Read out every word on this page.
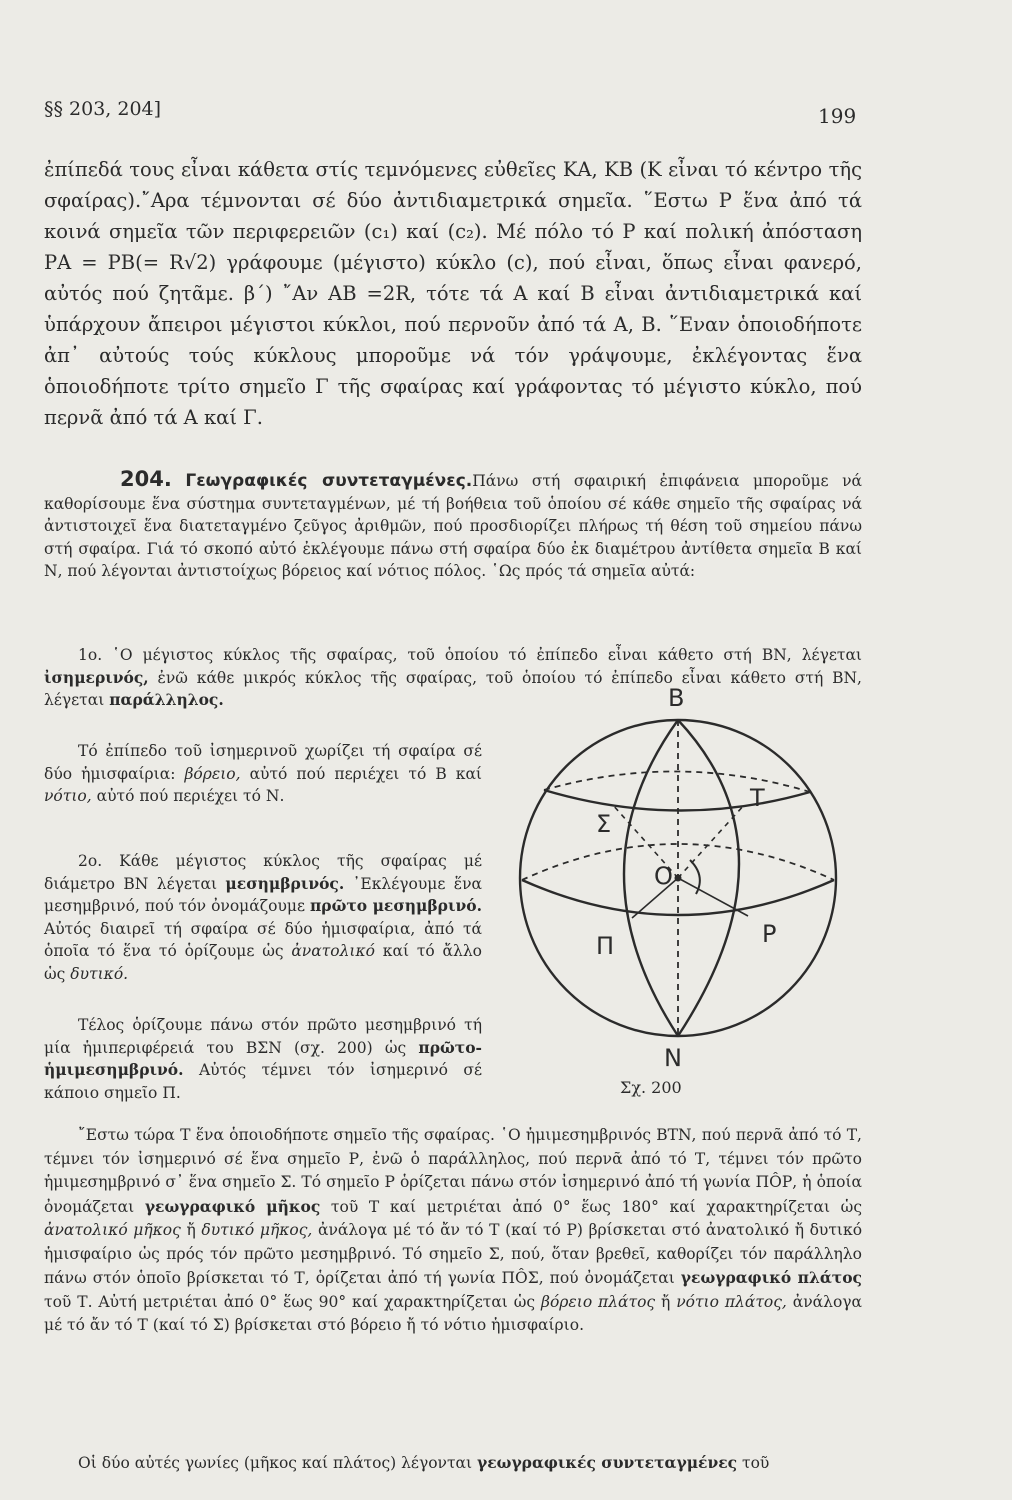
§§ 203, 204]	199

ἐπίπεδά τους εἶναι κάθετα στίς τεμνόμενες εὐθεῖες ΚΑ, ΚΒ (Κ εἶναι τό κέντρο τῆς σφαίρας).῎Αρα τέμνονται σέ δύο ἀντιδιαμετρικά σημεῖα. ῞Εστω Ρ ἕνα ἀπό τά κοινά σημεῖα τῶν περιφερειῶν (c₁) καί (c₂). Μέ πόλο τό Ρ καί πολική ἀπόσταση ΡΑ = ΡΒ(= R√2) γράφουμε (μέγιστο) κύκλο (c), πού εἶναι, ὅπως εἶναι φανερό, αὐτός πού ζητᾶμε. β΄) ῎Αν ΑΒ =2R, τότε τά Α καί Β εἶναι ἀντιδιαμετρικά καί ὑπάρχουν ἄπειροι μέγιστοι κύκλοι, πού περνοῦν ἀπό τά Α, Β. ῞Εναν ὁποιοδήποτε ἀπ᾿ αὐτούς τούς κύκλους μποροῦμε νά τόν γράψουμε, ἐκλέγοντας ἕνα ὁποιοδήποτε τρίτο σημεῖο Γ τῆς σφαίρας καί γράφοντας τό μέγιστο κύκλο, πού περνᾶ ἀπό τά Α καί Γ.

204. Γεωγραφικές συντεταγμένες.Πάνω στή σφαιρική ἐπιφάνεια μποροῦμε νά καθορίσουμε ἕνα σύστημα συντεταγμένων, μέ τή βοήθεια τοῦ ὁποίου σέ κάθε σημεῖο τῆς σφαίρας νά ἀντιστοιχεῖ ἕνα διατεταγμένο ζεῦγος ἀριθμῶν, πού προσδιορίζει πλήρως τή θέση τοῦ σημείου πάνω στή σφαίρα. Γιά τό σκοπό αὐτό ἐκλέγουμε πάνω στή σφαίρα δύο ἐκ διαμέτρου ἀντίθετα σημεῖα Β καί Ν, πού λέγονται ἀντιστοίχως βόρειος καί νότιος πόλος. ῾Ως πρός τά σημεῖα αὐτά:

1ο. ῾Ο μέγιστος κύκλος τῆς σφαίρας, τοῦ ὁποίου τό ἐπίπεδο εἶναι κάθετο στή ΒΝ, λέγεται ἰσημερινός, ἐνῶ κάθε μικρός κύκλος τῆς σφαίρας, τοῦ ὁποίου τό ἐπίπεδο εἶναι κάθετο στή ΒΝ, λέγεται παράλληλος.

Τό ἐπίπεδο τοῦ ἰσημερινοῦ χωρίζει τή σφαίρα σέ δύο ἡμισφαίρια: βόρειο, αὐτό πού περιέχει τό Β καί νότιο, αὐτό πού περιέχει τό Ν.

2ο. Κάθε μέγιστος κύκλος τῆς σφαίρας μέ διάμετρο ΒΝ λέγεται μεσημβρινός. ᾿Εκλέγουμε ἕνα μεσημβρινό, πού τόν ὀνομάζουμε πρῶτο μεσημβρινό. Αὐτός διαιρεῖ τή σφαίρα σέ δύο ἡμισφαίρια, ἀπό τά ὁποῖα τό ἕνα τό ὁρίζουμε ὡς ἀνατολικό καί τό ἄλλο ὡς δυτικό.

Τέλος ὁρίζουμε πάνω στόν πρῶτο μεσημβρινό τή μία ἡμιπεριφέρειά του ΒΣΝ (σχ. 200) ὡς πρῶτο-ἡμιμεσημβρινό. Αὐτός τέμνει τόν ἰσημερινό σέ κάποιο σημεῖο Π.

Β
Σ
Τ
Ο
Π	Ρ
Ν
Σχ. 200

῎Εστω τώρα Τ ἕνα ὁποιοδήποτε σημεῖο τῆς σφαίρας. ῾Ο ἡμιμεσημβρινός ΒΤΝ, πού περνᾶ ἀπό τό Τ, τέμνει τόν ἰσημερινό σέ ἕνα σημεῖο Ρ, ἐνῶ ὁ παράλληλος, πού περνᾶ ἀπό τό Τ, τέμνει τόν πρῶτο ἡμιμεσημβρινό σ᾿ ἕνα σημεῖο Σ. Τό σημεῖο Ρ ὁρίζεται πάνω στόν ἰσημερινό ἀπό τή γωνία ΠÔΡ, ἡ ὁποία ὀνομάζεται γεωγραφικό μῆκος τοῦ Τ καί μετριέται ἀπό 0° ἕως 180° καί χαρακτηρίζεται ὡς ἀνατολικό μῆκος ἤ δυτικό μῆκος, ἀνάλογα μέ τό ἄν τό Τ (καί τό Ρ) βρίσκεται στό ἀνατολικό ἤ δυτικό ἡμισφαίριο ὡς πρός τόν πρῶτο μεσημβρινό. Τό σημεῖο Σ, πού, ὅταν βρεθεῖ, καθορίζει τόν παράλληλο πάνω στόν ὁποῖο βρίσκεται τό Τ, ὁρίζεται ἀπό τή γωνία ΠÔΣ, πού ὀνομάζεται γεωγραφικό πλάτος τοῦ Τ. Αὐτή μετριέται ἀπό 0° ἕως 90° καί χαρακτηρίζεται ὡς βόρειο πλάτος ἤ νότιο πλάτος, ἀνάλογα μέ τό ἄν τό Τ (καί τό Σ) βρίσκεται στό βόρειο ἤ τό νότιο ἡμισφαίριο.

Οἱ δύο αὐτές γωνίες (μῆκος καί πλάτος) λέγονται γεωγραφικές συντεταγμένες τοῦ
